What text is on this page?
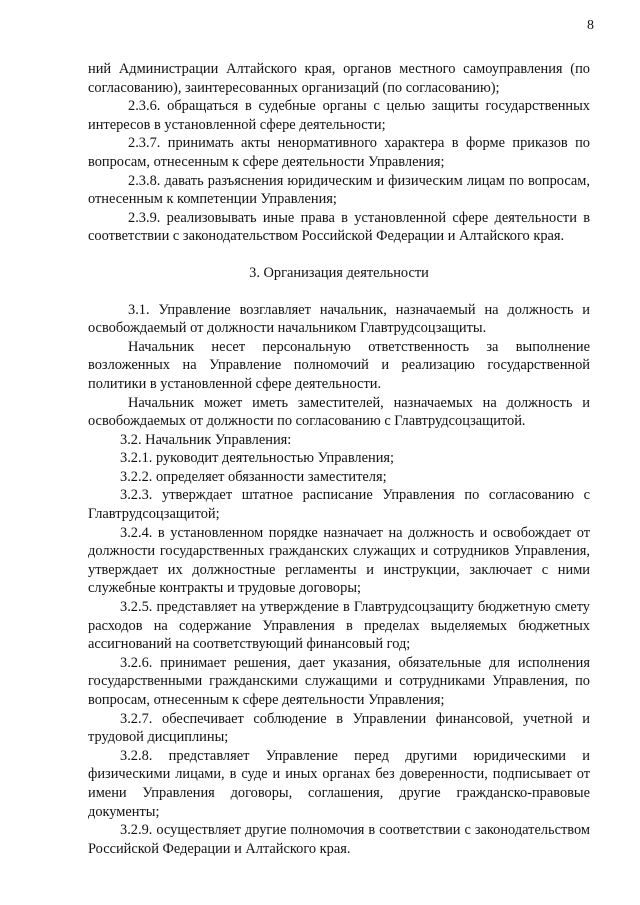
8

ний Администрации Алтайского края, органов местного самоуправления (по согласованию), заинтересованных организаций (по согласованию);

2.3.6. обращаться в судебные органы с целью защиты государственных интересов в установленной сфере деятельности;

2.3.7. принимать акты ненормативного характера в форме приказов по вопросам, отнесенным к сфере деятельности Управления;

2.3.8. давать разъяснения юридическим и физическим лицам по вопросам, отнесенным к компетенции Управления;

2.3.9. реализовывать иные права в установленной сфере деятельности в соответствии с законодательством Российской Федерации и Алтайского края.

3. Организация деятельности

3.1. Управление возглавляет начальник, назначаемый на должность и освобождаемый от должности начальником Главтрудсоцзащиты.

Начальник несет персональную ответственность за выполнение возложенных на Управление полномочий и реализацию государственной политики в установленной сфере деятельности.

Начальник может иметь заместителей, назначаемых на должность и освобождаемых от должности по согласованию с Главтрудсоцзащитой.

3.2. Начальник Управления:

3.2.1. руководит деятельностью Управления;

3.2.2. определяет обязанности заместителя;

3.2.3. утверждает штатное расписание Управления по согласованию с Главтрудсоцзащитой;

3.2.4. в установленном порядке назначает на должность и освобождает от должности государственных гражданских служащих и сотрудников Управления, утверждает их должностные регламенты и инструкции, заключает с ними служебные контракты и трудовые договоры;

3.2.5. представляет на утверждение в Главтрудсоцзащиту бюджетную смету расходов на содержание Управления в пределах выделяемых бюджетных ассигнований на соответствующий финансовый год;

3.2.6. принимает решения, дает указания, обязательные для исполнения государственными гражданскими служащими и сотрудниками Управления, по вопросам, отнесенным к сфере деятельности Управления;

3.2.7. обеспечивает соблюдение в Управлении финансовой, учетной и трудовой дисциплины;

3.2.8. представляет Управление перед другими юридическими и физическими лицами, в суде и иных органах без доверенности, подписывает от имени Управления договоры, соглашения, другие гражданско-правовые документы;

3.2.9. осуществляет другие полномочия в соответствии с законодательством Российской Федерации и Алтайского края.
